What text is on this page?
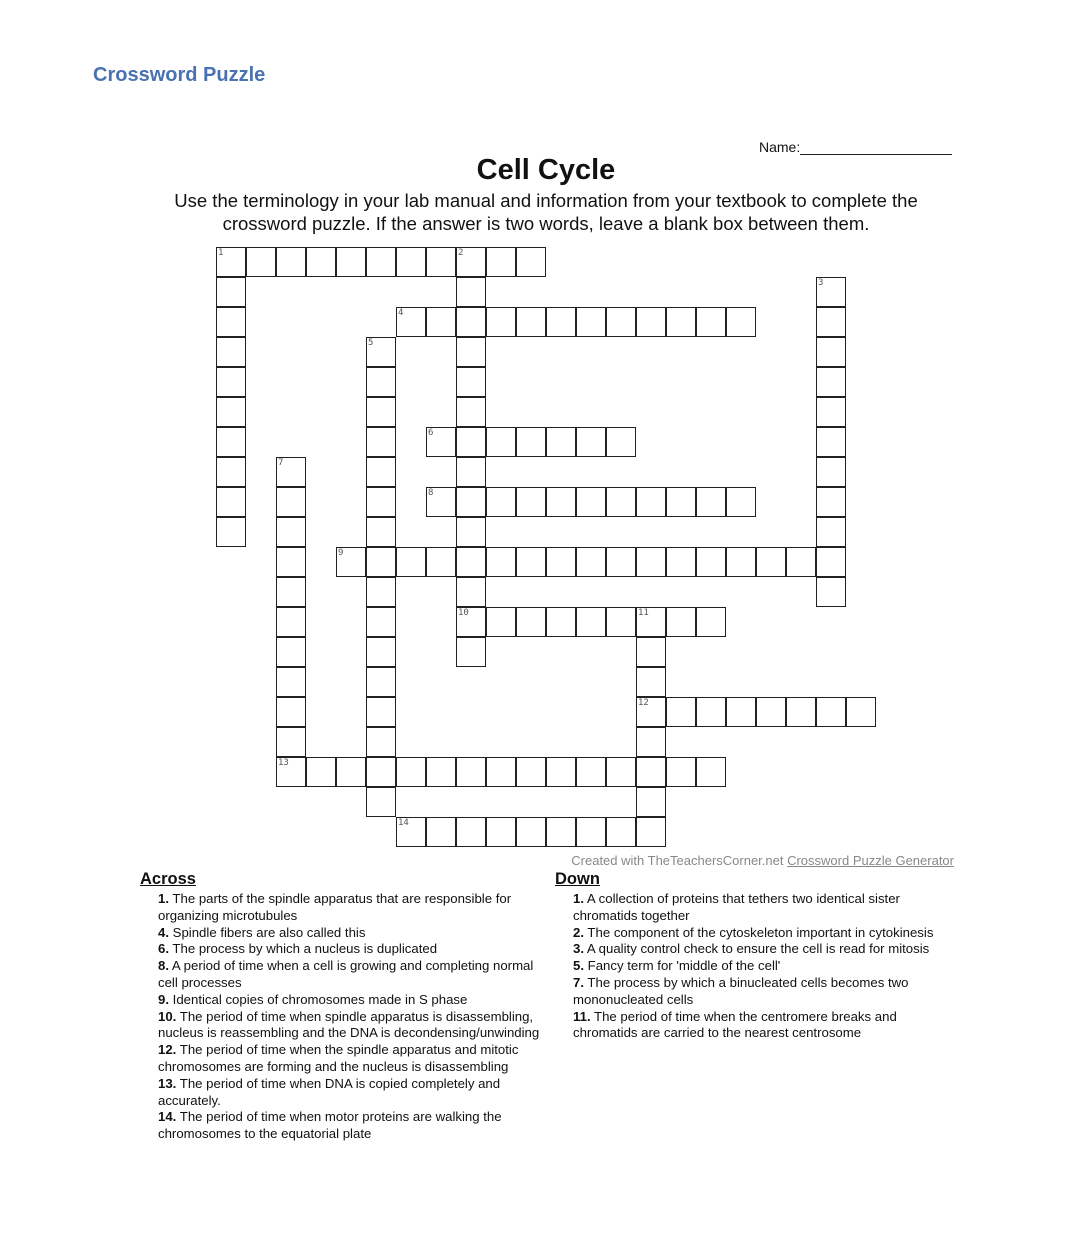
Crossword Puzzle
Name:
Cell Cycle

Use the terminology in your lab manual and information from your textbook to complete the crossword puzzle. If the answer is two words, leave a blank box between them.

1	2
10
3
4
5
6
7
13
8
9
11
12
14
Created with TheTeachersCorner.net Crossword Puzzle Generator
Across
1. The parts of the spindle apparatus that are responsible for organizing microtubules
4. Spindle fibers are also called this
6. The process by which a nucleus is duplicated
8. A period of time when a cell is growing and completing normal cell processes
9. Identical copies of chromosomes made in S phase
10. The period of time when spindle apparatus is disassembling, nucleus is reassembling and the DNA is decondensing/unwinding
12. The period of time when the spindle apparatus and mitotic chromosomes are forming and the nucleus is disassembling
13. The period of time when DNA is copied completely and accurately.
14. The period of time when motor proteins are walking the chromosomes to the equatorial plate
Down
1. A collection of proteins that tethers two identical sister chromatids together
2. The component of the cytoskeleton important in cytokinesis
3. A quality control check to ensure the cell is read for mitosis
5. Fancy term for 'middle of the cell'
7. The process by which a binucleated cells becomes two mononucleated cells
11. The period of time when the centromere breaks and chromatids are carried to the nearest centrosome
